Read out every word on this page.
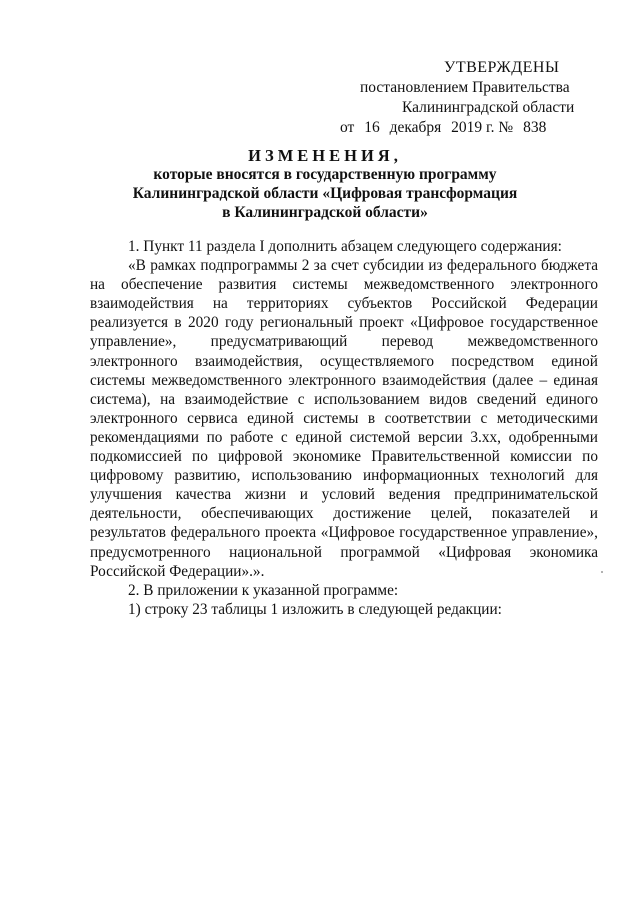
УТВЕРЖДЕНЫ
постановлением Правительства
Калининградской области
от 16 декабря 2019 г. № 838
ИЗМЕНЕНИЯ,
которые вносятся в государственную программу
Калининградской области «Цифровая трансформация
в Калининградской области»

1. Пункт 11 раздела I дополнить абзацем следующего содержания:

«В рамках подпрограммы 2 за счет субсидии из федерального бюджета на обеспечение развития системы межведомственного электронного взаимодействия на территориях субъектов Российской Федерации реализуется в 2020 году региональный проект «Цифровое государственное управление», предусматривающий перевод межведомственного электронного взаимодействия, осуществляемого посредством единой системы межведомственного электронного взаимодействия (далее – единая система), на взаимодействие с использованием видов сведений единого электронного сервиса единой системы в соответствии с методическими рекомендациями по работе с единой системой версии 3.хх, одобренными подкомиссией по цифровой экономике Правительственной комиссии по цифровому развитию, использованию информационных технологий для улучшения качества жизни и условий ведения предпринимательской деятельности, обеспечивающих достижение целей, показателей и результатов федерального проекта «Цифровое государственное управление», предусмотренного национальной программой «Цифровая экономика Российской Федерации».».

2. В приложении к указанной программе:

1) строку 23 таблицы 1 изложить в следующей редакции:
